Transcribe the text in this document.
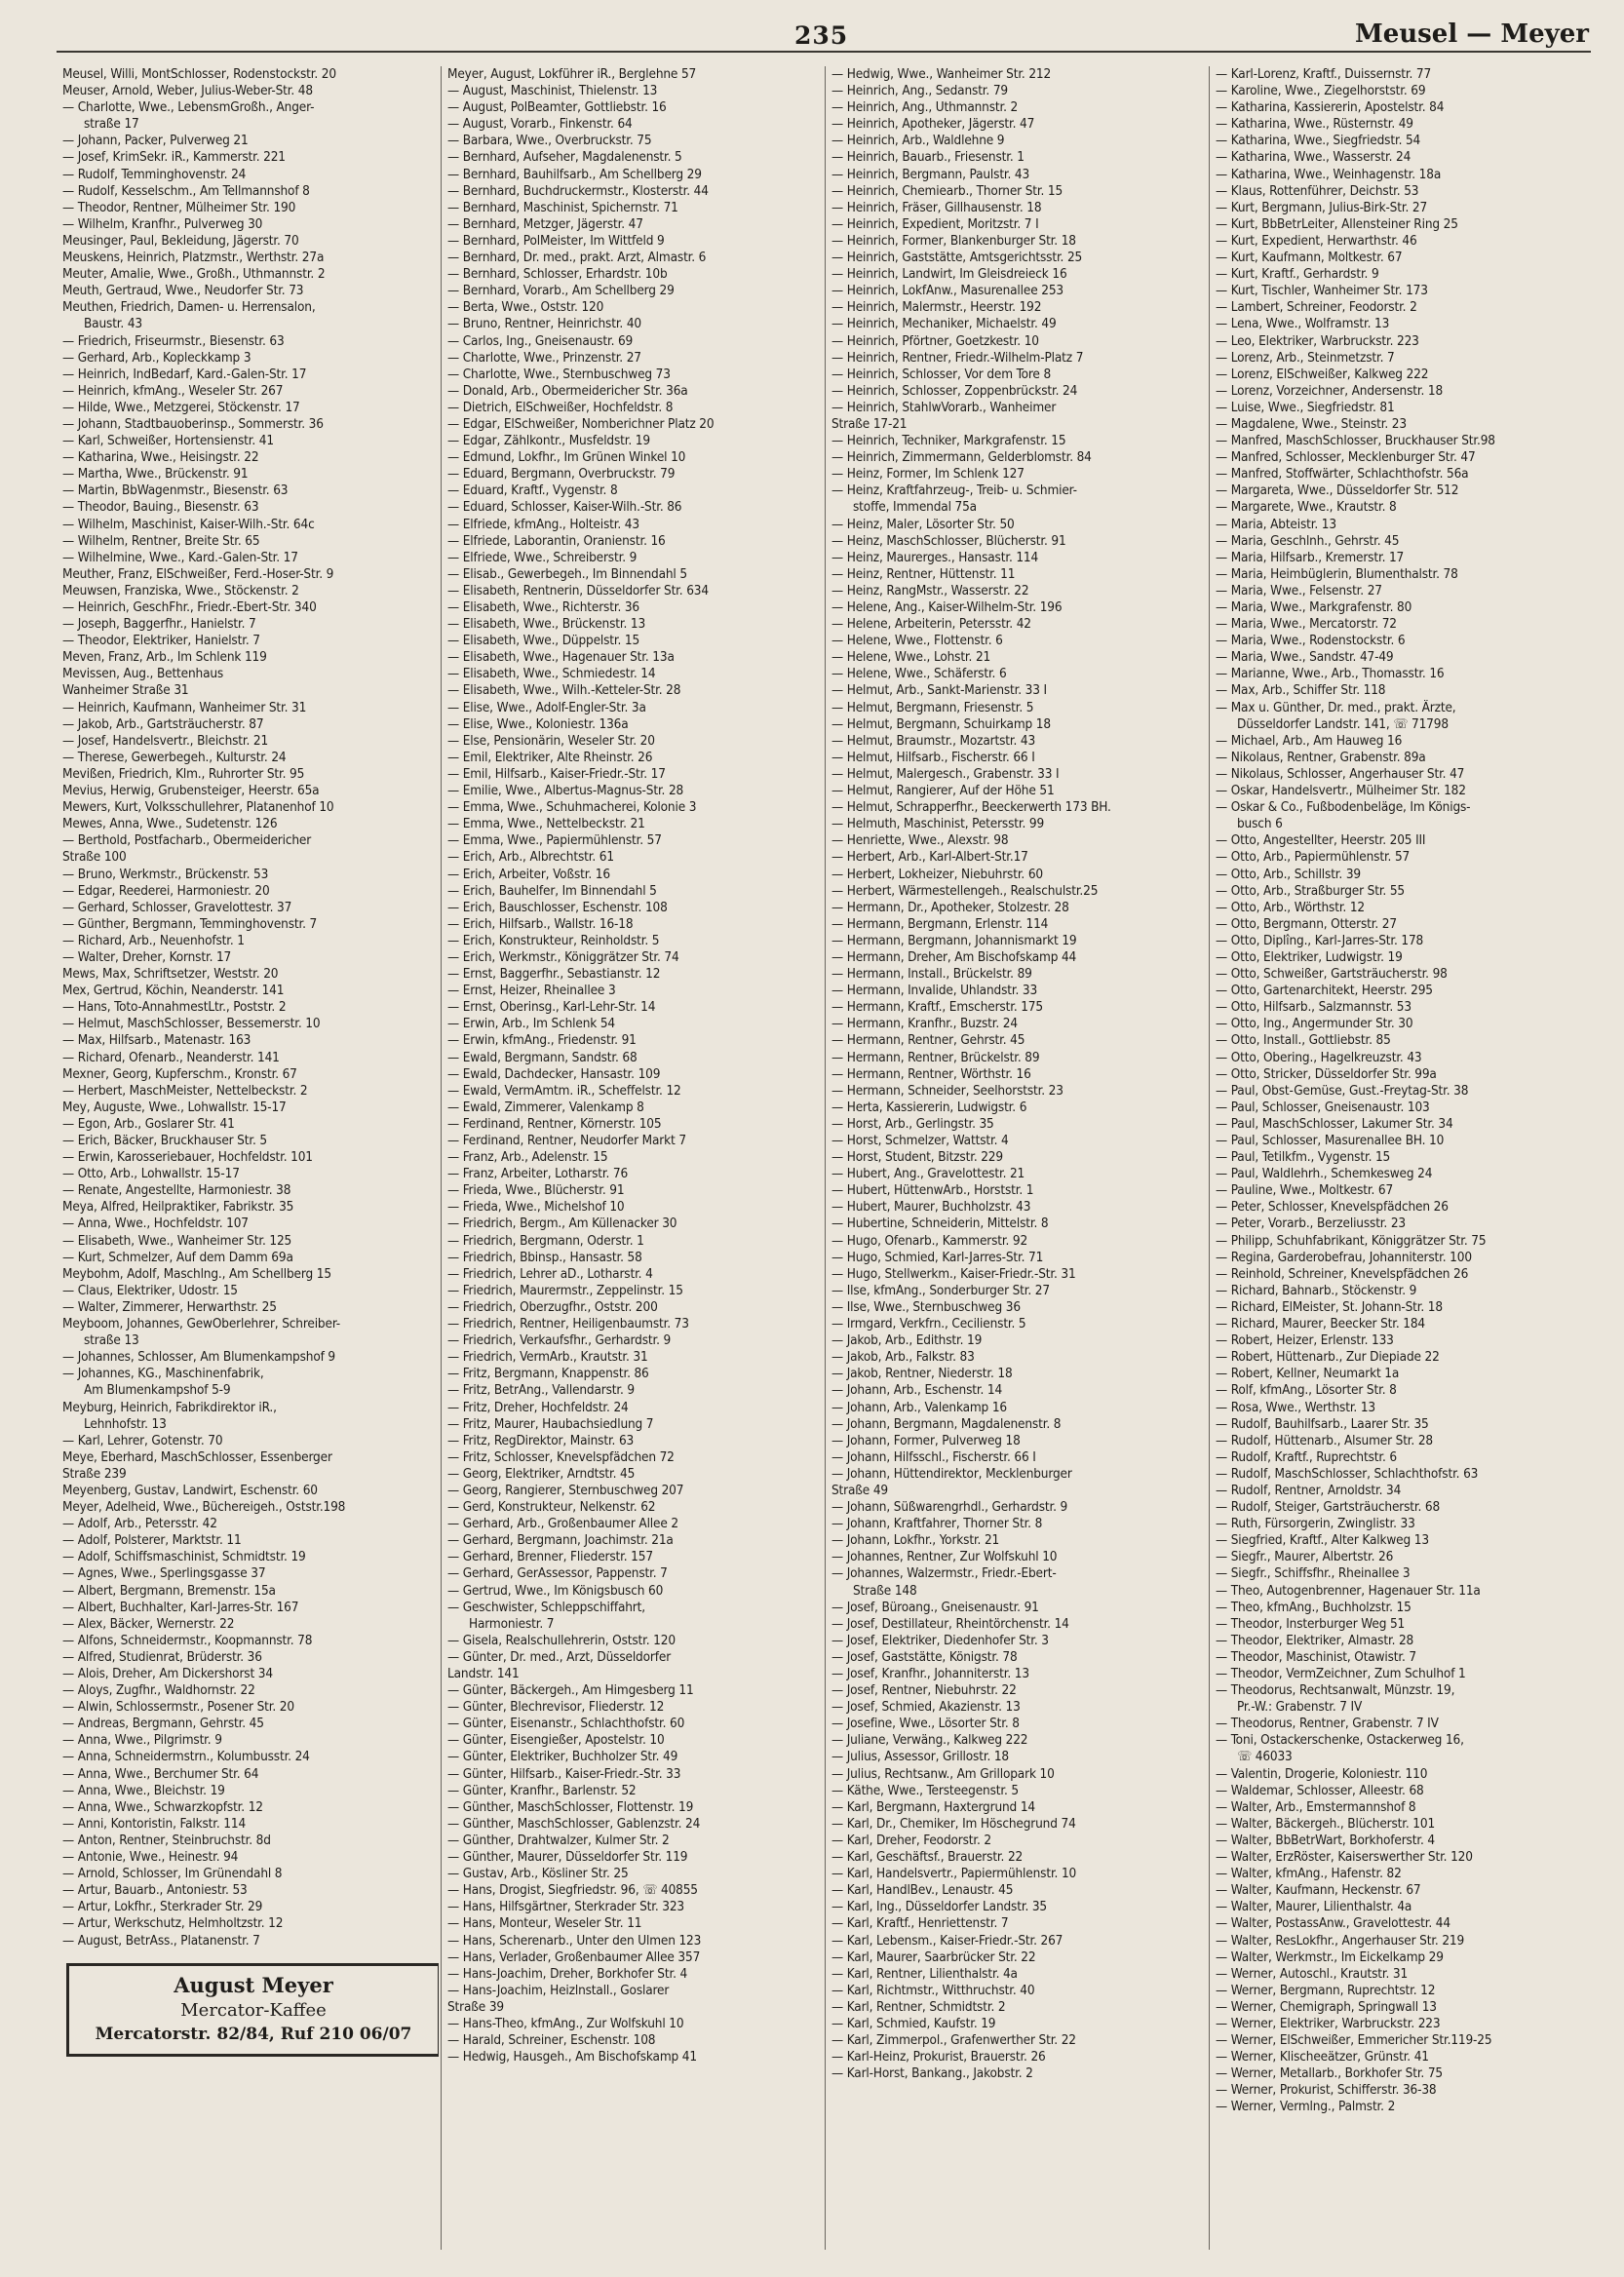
235	Meusel — Meyer
Meusel, Willi, MontSchlosser, Rodenstockstr. 20
Meuser, Arnold, Weber, Julius-Weber-Str. 48
— Charlotte, Wwe., LebensmGroßh., Anger-
straße 17
— Johann, Packer, Pulverweg 21
— Josef, KrimSekr. iR., Kammerstr. 221
— Rudolf, Temminghovenstr. 24
— Rudolf, Kesselschm., Am Tellmannshof 8
— Theodor, Rentner, Mülheimer Str. 190
— Wilhelm, Kranfhr., Pulverweg 30
Meusinger, Paul, Bekleidung, Jägerstr. 70
Meuskens, Heinrich, Platzmstr., Werthstr. 27a
Meuter, Amalie, Wwe., Großh., Uthmannstr. 2
Meuth, Gertraud, Wwe., Neudorfer Str. 73
Meuthen, Friedrich, Damen- u. Herrensalon,
Baustr. 43
— Friedrich, Friseurmstr., Biesenstr. 63
— Gerhard, Arb., Kopleckkamp 3
— Heinrich, IndBedarf, Kard.-Galen-Str. 17
— Heinrich, kfmAng., Weseler Str. 267
— Hilde, Wwe., Metzgerei, Stöckenstr. 17
— Johann, Stadtbauoberinsp., Sommerstr. 36
— Karl, Schweißer, Hortensienstr. 41
— Katharina, Wwe., Heisingstr. 22
— Martha, Wwe., Brückenstr. 91
— Martin, BbWagenmstr., Biesenstr. 63
— Theodor, Bauing., Biesenstr. 63
— Wilhelm, Maschinist, Kaiser-Wilh.-Str. 64c
— Wilhelm, Rentner, Breite Str. 65
— Wilhelmine, Wwe., Kard.-Galen-Str. 17
Meuther, Franz, ElSchweißer, Ferd.-Hoser-Str. 9
Meuwsen, Franziska, Wwe., Stöckenstr. 2
— Heinrich, GeschFhr., Friedr.-Ebert-Str. 340
— Joseph, Baggerfhr., Hanielstr. 7
— Theodor, Elektriker, Hanielstr. 7
Meven, Franz, Arb., Im Schlenk 119
Mevissen, Aug., Bettenhaus
Wanheimer Straße 31
— Heinrich, Kaufmann, Wanheimer Str. 31
— Jakob, Arb., Gartsträucherstr. 87
— Josef, Handelsvertr., Bleichstr. 21
— Therese, Gewerbegeh., Kulturstr. 24
Mevißen, Friedrich, Klm., Ruhrorter Str. 95
Mevius, Herwig, Grubensteiger, Heerstr. 65a
Mewers, Kurt, Volksschullehrer, Platanenhof 10
Mewes, Anna, Wwe., Sudetenstr. 126
— Berthold, Postfacharb., Obermeidericher
Straße 100
— Bruno, Werkmstr., Brückenstr. 53
— Edgar, Reederei, Harmoniestr. 20
— Gerhard, Schlosser, Gravelottestr. 37
— Günther, Bergmann, Temminghovenstr. 7
— Richard, Arb., Neuenhofstr. 1
— Walter, Dreher, Kornstr. 17
Mews, Max, Schriftsetzer, Weststr. 20
Mex, Gertrud, Köchin, Neanderstr. 141
— Hans, Toto-AnnahmestLtr., Poststr. 2
— Helmut, MaschSchlosser, Bessemerstr. 10
— Max, Hilfsarb., Matenastr. 163
— Richard, Ofenarb., Neanderstr. 141
Mexner, Georg, Kupferschm., Kronstr. 67
— Herbert, MaschMeister, Nettelbeckstr. 2
Mey, Auguste, Wwe., Lohwallstr. 15-17
— Egon, Arb., Goslarer Str. 41
— Erich, Bäcker, Bruckhauser Str. 5
— Erwin, Karosseriebauer, Hochfeldstr. 101
— Otto, Arb., Lohwallstr. 15-17
— Renate, Angestellte, Harmoniestr. 38
Meya, Alfred, Heilpraktiker, Fabrikstr. 35
— Anna, Wwe., Hochfeldstr. 107
— Elisabeth, Wwe., Wanheimer Str. 125
— Kurt, Schmelzer, Auf dem Damm 69a
Meybohm, Adolf, Maschlng., Am Schellberg 15
— Claus, Elektriker, Udostr. 15
— Walter, Zimmerer, Herwarthstr. 25
Meyboom, Johannes, GewOberlehrer, Schreiber-
straße 13
— Johannes, Schlosser, Am Blumenkampshof 9
— Johannes, KG., Maschinenfabrik,
Am Blumenkampshof 5-9
Meyburg, Heinrich, Fabrikdirektor iR.,
Lehnhofstr. 13
— Karl, Lehrer, Gotenstr. 70
Meye, Eberhard, MaschSchlosser, Essenberger
Straße 239
Meyenberg, Gustav, Landwirt, Eschenstr. 60
Meyer, Adelheid, Wwe., Büchereigeh., Oststr.198
— Adolf, Arb., Petersstr. 42
— Adolf, Polsterer, Marktstr. 11
— Adolf, Schiffsmaschinist, Schmidtstr. 19
— Agnes, Wwe., Sperlingsgasse 37
— Albert, Bergmann, Bremenstr. 15a
— Albert, Buchhalter, Karl-Jarres-Str. 167
— Alex, Bäcker, Wernerstr. 22
— Alfons, Schneidermstr., Koopmannstr. 78
— Alfred, Studienrat, Brüderstr. 36
— Alois, Dreher, Am Dickershorst 34
— Aloys, Zugfhr., Waldhornstr. 22
— Alwin, Schlossermstr., Posener Str. 20
— Andreas, Bergmann, Gehrstr. 45
— Anna, Wwe., Pilgrimstr. 9
— Anna, Schneidermstrn., Kolumbusstr. 24
— Anna, Wwe., Berchumer Str. 64
— Anna, Wwe., Bleichstr. 19
— Anna, Wwe., Schwarzkopfstr. 12
— Anni, Kontoristin, Falkstr. 114
— Anton, Rentner, Steinbruchstr. 8d
— Antonie, Wwe., Heinestr. 94
— Arnold, Schlosser, Im Grünendahl 8
— Artur, Bauarb., Antoniestr. 53
— Artur, Lokfhr., Sterkrader Str. 29
— Artur, Werkschutz, Helmholtzstr. 12
— August, BetrAss., Platanenstr. 7
August Meyer
Mercator-Kaffee
Mercatorstr. 82/84, Ruf 210 06/07
Meyer, August, Lokführer iR., Berglehne 57
— August, Maschinist, Thielenstr. 13
— August, PolBeamter, Gottliebstr. 16
— August, Vorarb., Finkenstr. 64
— Barbara, Wwe., Overbruckstr. 75
— Bernhard, Aufseher, Magdalenenstr. 5
— Bernhard, Bauhilfsarb., Am Schellberg 29
— Bernhard, Buchdruckermstr., Klosterstr. 44
— Bernhard, Maschinist, Spichernstr. 71
— Bernhard, Metzger, Jägerstr. 47
— Bernhard, PolMeister, Im Wittfeld 9
— Bernhard, Dr. med., prakt. Arzt, Almastr. 6
— Bernhard, Schlosser, Erhardstr. 10b
— Bernhard, Vorarb., Am Schellberg 29
— Berta, Wwe., Oststr. 120
— Bruno, Rentner, Heinrichstr. 40
— Carlos, Ing., Gneisenaustr. 69
— Charlotte, Wwe., Prinzenstr. 27
— Charlotte, Wwe., Sternbuschweg 73
— Donald, Arb., Obermeidericher Str. 36a
— Dietrich, ElSchweißer, Hochfeldstr. 8
— Edgar, ElSchweißer, Nomberichner Platz 20
— Edgar, Zählkontr., Musfeldstr. 19
— Edmund, Lokfhr., Im Grünen Winkel 10
— Eduard, Bergmann, Overbruckstr. 79
— Eduard, Kraftf., Vygenstr. 8
— Eduard, Schlosser, Kaiser-Wilh.-Str. 86
— Elfriede, kfmAng., Holteistr. 43
— Elfriede, Laborantin, Oranienstr. 16
— Elfriede, Wwe., Schreiberstr. 9
— Elisab., Gewerbegeh., Im Binnendahl 5
— Elisabeth, Rentnerin, Düsseldorfer Str. 634
— Elisabeth, Wwe., Richterstr. 36
— Elisabeth, Wwe., Brückenstr. 13
— Elisabeth, Wwe., Düppelstr. 15
— Elisabeth, Wwe., Hagenauer Str. 13a
— Elisabeth, Wwe., Schmiedestr. 14
— Elisabeth, Wwe., Wilh.-Ketteler-Str. 28
— Elise, Wwe., Adolf-Engler-Str. 3a
— Elise, Wwe., Koloniestr. 136a
— Else, Pensionärin, Weseler Str. 20
— Emil, Elektriker, Alte Rheinstr. 26
— Emil, Hilfsarb., Kaiser-Friedr.-Str. 17
— Emilie, Wwe., Albertus-Magnus-Str. 28
— Emma, Wwe., Schuhmacherei, Kolonie 3
— Emma, Wwe., Nettelbeckstr. 21
— Emma, Wwe., Papiermühlenstr. 57
— Erich, Arb., Albrechtstr. 61
— Erich, Arbeiter, Voßstr. 16
— Erich, Bauhelfer, Im Binnendahl 5
— Erich, Bauschlosser, Eschenstr. 108
— Erich, Hilfsarb., Wallstr. 16-18
— Erich, Konstrukteur, Reinholdstr. 5
— Erich, Werkmstr., Königgrätzer Str. 74
— Ernst, Baggerfhr., Sebastianstr. 12
— Ernst, Heizer, Rheinallee 3
— Ernst, Oberinsg., Karl-Lehr-Str. 14
— Erwin, Arb., Im Schlenk 54
— Erwin, kfmAng., Friedenstr. 91
— Ewald, Bergmann, Sandstr. 68
— Ewald, Dachdecker, Hansastr. 109
— Ewald, VermAmtm. iR., Scheffelstr. 12
— Ewald, Zimmerer, Valenkamp 8
— Ferdinand, Rentner, Körnerstr. 105
— Ferdinand, Rentner, Neudorfer Markt 7
— Franz, Arb., Adelenstr. 15
— Franz, Arbeiter, Lotharstr. 76
— Frieda, Wwe., Blücherstr. 91
— Frieda, Wwe., Michelshof 10
— Friedrich, Bergm., Am Küllenacker 30
— Friedrich, Bergmann, Oderstr. 1
— Friedrich, Bbinsp., Hansastr. 58
— Friedrich, Lehrer aD., Lotharstr. 4
— Friedrich, Maurermstr., Zeppelinstr. 15
— Friedrich, Oberzugfhr., Oststr. 200
— Friedrich, Rentner, Heiligenbaumstr. 73
— Friedrich, Verkaufsfhr., Gerhardstr. 9
— Friedrich, VermArb., Krautstr. 31
— Fritz, Bergmann, Knappenstr. 86
— Fritz, BetrAng., Vallendarstr. 9
— Fritz, Dreher, Hochfeldstr. 24
— Fritz, Maurer, Haubachsiedlung 7
— Fritz, RegDirektor, Mainstr. 63
— Fritz, Schlosser, Knevelspfädchen 72
— Georg, Elektriker, Arndtstr. 45
— Georg, Rangierer, Sternbuschweg 207
— Gerd, Konstrukteur, Nelkenstr. 62
— Gerhard, Arb., Großenbaumer Allee 2
— Gerhard, Bergmann, Joachimstr. 21a
— Gerhard, Brenner, Fliederstr. 157
— Gerhard, GerAssessor, Pappenstr. 7
— Gertrud, Wwe., Im Königsbusch 60
— Geschwister, Schleppschiffahrt,
Harmoniestr. 7
— Gisela, Realschullehrerin, Oststr. 120
— Günter, Dr. med., Arzt, Düsseldorfer
Landstr. 141
— Günter, Bäckergeh., Am Himgesberg 11
— Günter, Blechrevisor, Fliederstr. 12
— Günter, Eisenanstr., Schlachthofstr. 60
— Günter, Eisengießer, Apostelstr. 10
— Günter, Elektriker, Buchholzer Str. 49
— Günter, Hilfsarb., Kaiser-Friedr.-Str. 33
— Günter, Kranfhr., Barlenstr. 52
— Günther, MaschSchlosser, Flottenstr. 19
— Günther, MaschSchlosser, Gablenzstr. 24
— Günther, Drahtwalzer, Kulmer Str. 2
— Günther, Maurer, Düsseldorfer Str. 119
— Gustav, Arb., Kösliner Str. 25
— Hans, Drogist, Siegfriedstr. 96, ☏ 40855
— Hans, Hilfsgärtner, Sterkrader Str. 323
— Hans, Monteur, Weseler Str. 11
— Hans, Scherenarb., Unter den Ulmen 123
— Hans, Verlader, Großenbaumer Allee 357
— Hans-Joachim, Dreher, Borkhofer Str. 4
— Hans-Joachim, Heizlnstall., Goslarer
Straße 39
— Hans-Theo, kfmAng., Zur Wolfskuhl 10
— Harald, Schreiner, Eschenstr. 108
— Hedwig, Hausgeh., Am Bischofskamp 41
— Hedwig, Wwe., Wanheimer Str. 212
— Heinrich, Ang., Sedanstr. 79
— Heinrich, Ang., Uthmannstr. 2
— Heinrich, Apotheker, Jägerstr. 47
— Heinrich, Arb., Waldlehne 9
— Heinrich, Bauarb., Friesenstr. 1
— Heinrich, Bergmann, Paulstr. 43
— Heinrich, Chemiearb., Thorner Str. 15
— Heinrich, Fräser, Gillhausenstr. 18
— Heinrich, Expedient, Moritzstr. 7 I
— Heinrich, Former, Blankenburger Str. 18
— Heinrich, Gaststätte, Amtsgerichtsstr. 25
— Heinrich, Landwirt, Im Gleisdreieck 16
— Heinrich, LokfAnw., Masurenallee 253
— Heinrich, Malermstr., Heerstr. 192
— Heinrich, Mechaniker, Michaelstr. 49
— Heinrich, Pförtner, Goetzkestr. 10
— Heinrich, Rentner, Friedr.-Wilhelm-Platz 7
— Heinrich, Schlosser, Vor dem Tore 8
— Heinrich, Schlosser, Zoppenbrückstr. 24
— Heinrich, StahlwVorarb., Wanheimer
Straße 17-21
— Heinrich, Techniker, Markgrafenstr. 15
— Heinrich, Zimmermann, Gelderblomstr. 84
— Heinz, Former, Im Schlenk 127
— Heinz, Kraftfahrzeug-, Treib- u. Schmier-
stoffe, Immendal 75a
— Heinz, Maler, Lösorter Str. 50
— Heinz, MaschSchlosser, Blücherstr. 91
— Heinz, Maurerges., Hansastr. 114
— Heinz, Rentner, Hüttenstr. 11
— Heinz, RangMstr., Wasserstr. 22
— Helene, Ang., Kaiser-Wilhelm-Str. 196
— Helene, Arbeiterin, Petersstr. 42
— Helene, Wwe., Flottenstr. 6
— Helene, Wwe., Lohstr. 21
— Helene, Wwe., Schäferstr. 6
— Helmut, Arb., Sankt-Marienstr. 33 I
— Helmut, Bergmann, Friesenstr. 5
— Helmut, Bergmann, Schuirkamp 18
— Helmut, Braumstr., Mozartstr. 43
— Helmut, Hilfsarb., Fischerstr. 66 I
— Helmut, Malergesch., Grabenstr. 33 I
— Helmut, Rangierer, Auf der Höhe 51
— Helmut, Schrapperfhr., Beeckerwerth 173 BH.
— Helmuth, Maschinist, Petersstr. 99
— Henriette, Wwe., Alexstr. 98
— Herbert, Arb., Karl-Albert-Str.17
— Herbert, Lokheizer, Niebuhrstr. 60
— Herbert, Wärmestellengeh., Realschulstr.25
— Hermann, Dr., Apotheker, Stolzestr. 28
— Hermann, Bergmann, Erlenstr. 114
— Hermann, Bergmann, Johannismarkt 19
— Hermann, Dreher, Am Bischofskamp 44
— Hermann, Install., Brückelstr. 89
— Hermann, Invalide, Uhlandstr. 33
— Hermann, Kraftf., Emscherstr. 175
— Hermann, Kranfhr., Buzstr. 24
— Hermann, Rentner, Gehrstr. 45
— Hermann, Rentner, Brückelstr. 89
— Hermann, Rentner, Wörthstr. 16
— Hermann, Schneider, Seelhorststr. 23
— Herta, Kassiererin, Ludwigstr. 6
— Horst, Arb., Gerlingstr. 35
— Horst, Schmelzer, Wattstr. 4
— Horst, Student, Bitzstr. 229
— Hubert, Ang., Gravelottestr. 21
— Hubert, HüttenwArb., Horststr. 1
— Hubert, Maurer, Buchholzstr. 43
— Hubertine, Schneiderin, Mittelstr. 8
— Hugo, Ofenarb., Kammerstr. 92
— Hugo, Schmied, Karl-Jarres-Str. 71
— Hugo, Stellwerkm., Kaiser-Friedr.-Str. 31
— Ilse, kfmAng., Sonderburger Str. 27
— Ilse, Wwe., Sternbuschweg 36
— Irmgard, Verkfrn., Cecilienstr. 5
— Jakob, Arb., Edithstr. 19
— Jakob, Arb., Falkstr. 83
— Jakob, Rentner, Niederstr. 18
— Johann, Arb., Eschenstr. 14
— Johann, Arb., Valenkamp 16
— Johann, Bergmann, Magdalenenstr. 8
— Johann, Former, Pulverweg 18
— Johann, Hilfsschl., Fischerstr. 66 I
— Johann, Hüttendirektor, Mecklenburger
Straße 49
— Johann, Süßwarengrhdl., Gerhardstr. 9
— Johann, Kraftfahrer, Thorner Str. 8
— Johann, Lokfhr., Yorkstr. 21
— Johannes, Rentner, Zur Wolfskuhl 10
— Johannes, Walzermstr., Friedr.-Ebert-
Straße 148
— Josef, Büroang., Gneisenaustr. 91
— Josef, Destillateur, Rheintörchenstr. 14
— Josef, Elektriker, Diedenhofer Str. 3
— Josef, Gaststätte, Königstr. 78
— Josef, Kranfhr., Johanniterstr. 13
— Josef, Rentner, Niebuhrstr. 22
— Josef, Schmied, Akazienstr. 13
— Josefine, Wwe., Lösorter Str. 8
— Juliane, Verwäng., Kalkweg 222
— Julius, Assessor, Grillostr. 18
— Julius, Rechtsanw., Am Grillopark 10
— Käthe, Wwe., Tersteegenstr. 5
— Karl, Bergmann, Haxtergrund 14
— Karl, Dr., Chemiker, Im Höschegrund 74
— Karl, Dreher, Feodorstr. 2
— Karl, Geschäftsf., Brauerstr. 22
— Karl, Handelsvertr., Papiermühlenstr. 10
— Karl, HandlBev., Lenaustr. 45
— Karl, Ing., Düsseldorfer Landstr. 35
— Karl, Kraftf., Henriettenstr. 7
— Karl, Lebensm., Kaiser-Friedr.-Str. 267
— Karl, Maurer, Saarbrücker Str. 22
— Karl, Rentner, Lilienthalstr. 4a
— Karl, Richtmstr., Witthruchstr. 40
— Karl, Rentner, Schmidtstr. 2
— Karl, Schmied, Kaufstr. 19
— Karl, Zimmerpol., Grafenwerther Str. 22
— Karl-Heinz, Prokurist, Brauerstr. 26
— Karl-Horst, Bankang., Jakobstr. 2
— Karl-Lorenz, Kraftf., Duissernstr. 77
— Karoline, Wwe., Ziegelhorststr. 69
— Katharina, Kassiererin, Apostelstr. 84
— Katharina, Wwe., Rüsternstr. 49
— Katharina, Wwe., Siegfriedstr. 54
— Katharina, Wwe., Wasserstr. 24
— Katharina, Wwe., Weinhagenstr. 18a
— Klaus, Rottenführer, Deichstr. 53
— Kurt, Bergmann, Julius-Birk-Str. 27
— Kurt, BbBetrLeiter, Allensteiner Ring 25
— Kurt, Expedient, Herwarthstr. 46
— Kurt, Kaufmann, Moltkestr. 67
— Kurt, Kraftf., Gerhardstr. 9
— Kurt, Tischler, Wanheimer Str. 173
— Lambert, Schreiner, Feodorstr. 2
— Lena, Wwe., Wolframstr. 13
— Leo, Elektriker, Warbruckstr. 223
— Lorenz, Arb., Steinmetzstr. 7
— Lorenz, ElSchweißer, Kalkweg 222
— Lorenz, Vorzeichner, Andersenstr. 18
— Luise, Wwe., Siegfriedstr. 81
— Magdalene, Wwe., Steinstr. 23
— Manfred, MaschSchlosser, Bruckhauser Str.98
— Manfred, Schlosser, Mecklenburger Str. 47
— Manfred, Stoffwärter, Schlachthofstr. 56a
— Margareta, Wwe., Düsseldorfer Str. 512
— Margarete, Wwe., Krautstr. 8
— Maria, Abteistr. 13
— Maria, Geschlnh., Gehrstr. 45
— Maria, Hilfsarb., Kremerstr. 17
— Maria, Heimbüglerin, Blumenthalstr. 78
— Maria, Wwe., Felsenstr. 27
— Maria, Wwe., Markgrafenstr. 80
— Maria, Wwe., Mercatorstr. 72
— Maria, Wwe., Rodenstockstr. 6
— Maria, Wwe., Sandstr. 47-49
— Marianne, Wwe., Arb., Thomasstr. 16
— Max, Arb., Schiffer Str. 118
— Max u. Günther, Dr. med., prakt. Ärzte,
Düsseldorfer Landstr. 141, ☏ 71798
— Michael, Arb., Am Hauweg 16
— Nikolaus, Rentner, Grabenstr. 89a
— Nikolaus, Schlosser, Angerhauser Str. 47
— Oskar, Handelsvertr., Mülheimer Str. 182
— Oskar & Co., Fußbodenbeläge, Im Königs-
busch 6
— Otto, Angestellter, Heerstr. 205 III
— Otto, Arb., Papiermühlenstr. 57
— Otto, Arb., Schillstr. 39
— Otto, Arb., Straßburger Str. 55
— Otto, Arb., Wörthstr. 12
— Otto, Bergmann, Otterstr. 27
— Otto, Diplîng., Karl-Jarres-Str. 178
— Otto, Elektriker, Ludwigstr. 19
— Otto, Schweißer, Gartsträucherstr. 98
— Otto, Gartenarchitekt, Heerstr. 295
— Otto, Hilfsarb., Salzmannstr. 53
— Otto, Ing., Angermunder Str. 30
— Otto, Install., Gottliebstr. 85
— Otto, Obering., Hagelkreuzstr. 43
— Otto, Stricker, Düsseldorfer Str. 99a
— Paul, Obst-Gemüse, Gust.-Freytag-Str. 38
— Paul, Schlosser, Gneisenaustr. 103
— Paul, MaschSchlosser, Lakumer Str. 34
— Paul, Schlosser, Masurenallee BH. 10
— Paul, Tetilkfm., Vygenstr. 15
— Paul, Waldlehrh., Schemkesweg 24
— Pauline, Wwe., Moltkestr. 67
— Peter, Schlosser, Knevelspfädchen 26
— Peter, Vorarb., Berzeliusstr. 23
— Philipp, Schuhfabrikant, Königgrätzer Str. 75
— Regina, Garderobefrau, Johanniterstr. 100
— Reinhold, Schreiner, Knevelspfädchen 26
— Richard, Bahnarb., Stöckenstr. 9
— Richard, ElMeister, St. Johann-Str. 18
— Richard, Maurer, Beecker Str. 184
— Robert, Heizer, Erlenstr. 133
— Robert, Hüttenarb., Zur Diepiade 22
— Robert, Kellner, Neumarkt 1a
— Rolf, kfmAng., Lösorter Str. 8
— Rosa, Wwe., Werthstr. 13
— Rudolf, Bauhilfsarb., Laarer Str. 35
— Rudolf, Hüttenarb., Alsumer Str. 28
— Rudolf, Kraftf., Ruprechtstr. 6
— Rudolf, MaschSchlosser, Schlachthofstr. 63
— Rudolf, Rentner, Arnoldstr. 34
— Rudolf, Steiger, Gartsträucherstr. 68
— Ruth, Fürsorgerin, Zwinglistr. 33
— Siegfried, Kraftf., Alter Kalkweg 13
— Siegfr., Maurer, Albertstr. 26
— Siegfr., Schiffsfhr., Rheinallee 3
— Theo, Autogenbrenner, Hagenauer Str. 11a
— Theo, kfmAng., Buchholzstr. 15
— Theodor, Insterburger Weg 51
— Theodor, Elektriker, Almastr. 28
— Theodor, Maschinist, Otawistr. 7
— Theodor, VermZeichner, Zum Schulhof 1
— Theodorus, Rechtsanwalt, Münzstr. 19,
Pr.-W.: Grabenstr. 7 IV
— Theodorus, Rentner, Grabenstr. 7 IV
— Toni, Ostackerschenke, Ostackerweg 16,
☏ 46033
— Valentin, Drogerie, Koloniestr. 110
— Waldemar, Schlosser, Alleestr. 68
— Walter, Arb., Emstermannshof 8
— Walter, Bäckergeh., Blücherstr. 101
— Walter, BbBetrWart, Borkhoferstr. 4
— Walter, ErzRöster, Kaiserswerther Str. 120
— Walter, kfmAng., Hafenstr. 82
— Walter, Kaufmann, Heckenstr. 67
— Walter, Maurer, Lilienthalstr. 4a
— Walter, PostassAnw., Gravelottestr. 44
— Walter, ResLokfhr., Angerhauser Str. 219
— Walter, Werkmstr., Im Eickelkamp 29
— Werner, Autoschl., Krautstr. 31
— Werner, Bergmann, Ruprechtstr. 12
— Werner, Chemigraph, Springwall 13
— Werner, Elektriker, Warbruckstr. 223
— Werner, ElSchweißer, Emmericher Str.119-25
— Werner, Klischeeätzer, Grünstr. 41
— Werner, Metallarb., Borkhofer Str. 75
— Werner, Prokurist, Schifferstr. 36-38
— Werner, Vermlng., Palmstr. 2
